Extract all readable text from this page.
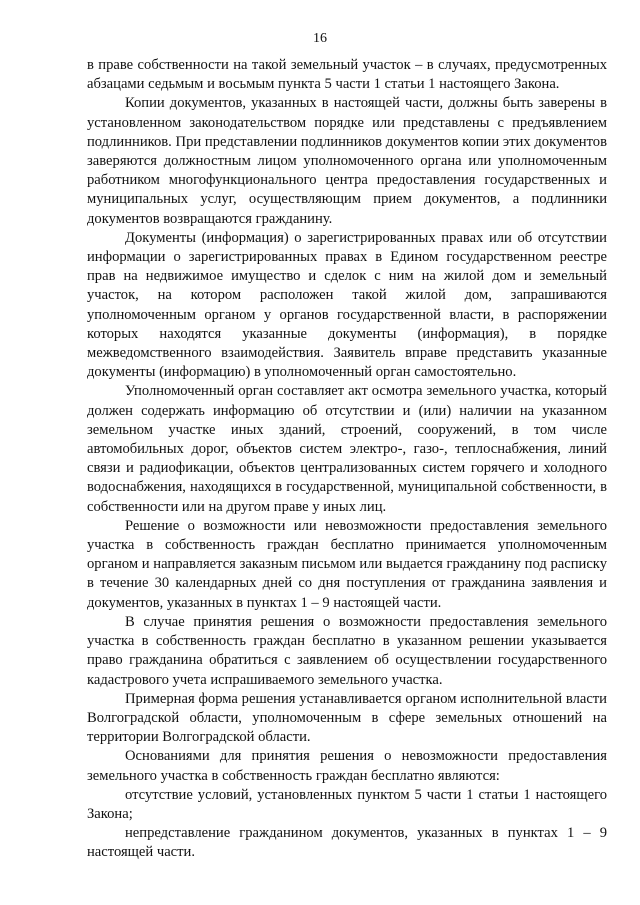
16

в праве собственности на такой земельный участок – в случаях, предусмотренных абзацами седьмым и восьмым пункта 5 части 1 статьи 1 настоящего Закона.

Копии документов, указанных в настоящей части, должны быть заверены в установленном законодательством порядке или представлены с предъявлением подлинников. При представлении подлинников документов копии этих документов заверяются должностным лицом уполномоченного органа или уполномоченным работником многофункционального центра предоставления государственных и муниципальных услуг, осуществляющим прием документов, а подлинники документов возвращаются гражданину.

Документы (информация) о зарегистрированных правах или об отсутствии информации о зарегистрированных правах в Едином государственном реестре прав на недвижимое имущество и сделок с ним на жилой дом и земельный участок, на котором расположен такой жилой дом, запрашиваются уполномоченным органом у органов государственной власти, в распоряжении которых находятся указанные документы (информация), в порядке межведомственного взаимодействия. Заявитель вправе представить указанные документы (информацию) в уполномоченный орган самостоятельно.

Уполномоченный орган составляет акт осмотра земельного участка, который должен содержать информацию об отсутствии и (или) наличии на указанном земельном участке иных зданий, строений, сооружений, в том числе автомобильных дорог, объектов систем электро-, газо-, теплоснабжения, линий связи и радиофикации, объектов централизованных систем горячего и холодного водоснабжения, находящихся в государственной, муниципальной собственности, в собственности или на другом праве у иных лиц.

Решение о возможности или невозможности предоставления земельного участка в собственность граждан бесплатно принимается уполномоченным органом и направляется заказным письмом или выдается гражданину под расписку в течение 30 календарных дней со дня поступления от гражданина заявления и документов, указанных в пунктах 1 – 9 настоящей части.

В случае принятия решения о возможности предоставления земельного участка в собственность граждан бесплатно в указанном решении указывается право гражданина обратиться с заявлением об осуществлении государственного кадастрового учета испрашиваемого земельного участка.

Примерная форма решения устанавливается органом исполнительной власти Волгоградской области, уполномоченным в сфере земельных отношений на территории Волгоградской области.

Основаниями для принятия решения о невозможности предоставления земельного участка в собственность граждан бесплатно являются:

отсутствие условий, установленных пунктом 5 части 1 статьи 1 настоящего Закона;

непредставление гражданином документов, указанных в пунктах 1 – 9 настоящей части.
